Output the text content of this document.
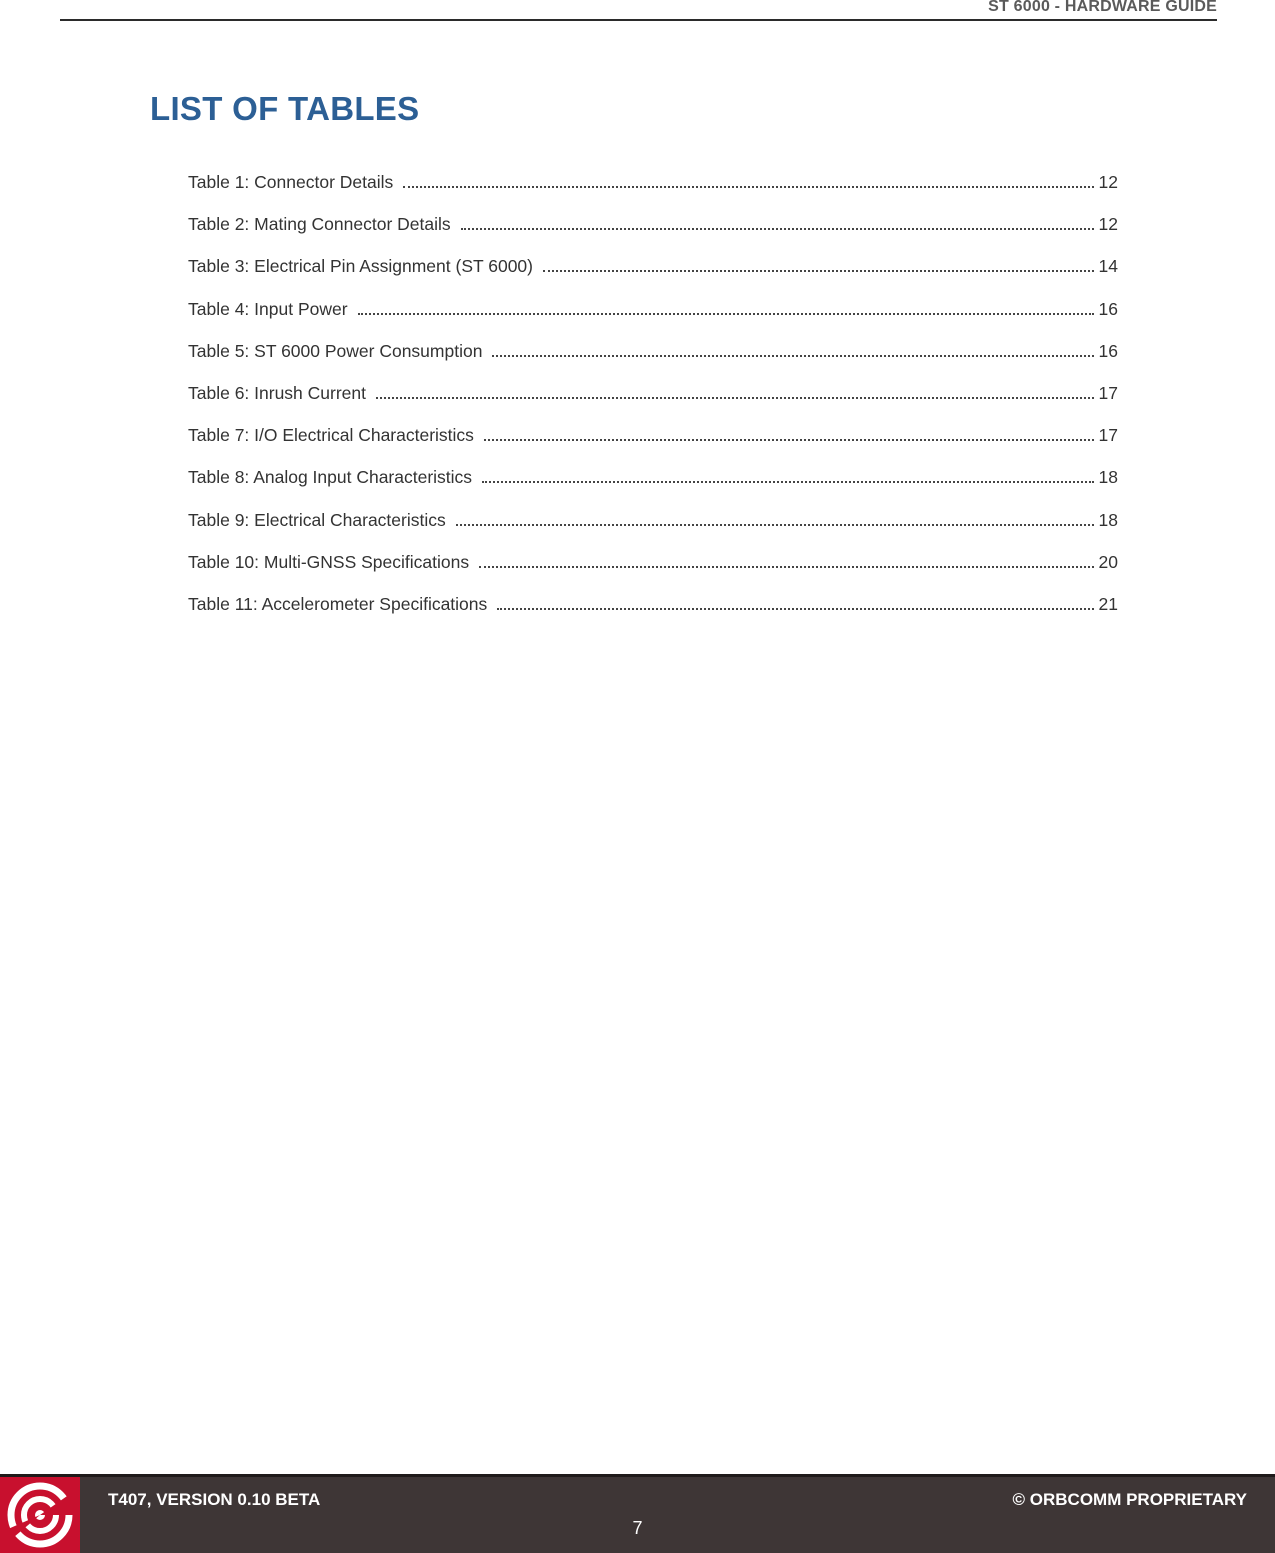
ST 6000 - HARDWARE GUIDE
LIST OF TABLES
Table 1: Connector Details	12
Table 2: Mating Connector Details	12
Table 3: Electrical Pin Assignment (ST 6000)	14
Table 4: Input Power	16
Table 5: ST 6000 Power Consumption	16
Table 6: Inrush Current	17
Table 7: I/O Electrical Characteristics	17
Table 8: Analog Input Characteristics	18
Table 9: Electrical Characteristics	18
Table 10: Multi-GNSS Specifications	20
Table 11: Accelerometer Specifications	21
T407, VERSION 0.10 BETA	© ORBCOMM PROPRIETARY
7
